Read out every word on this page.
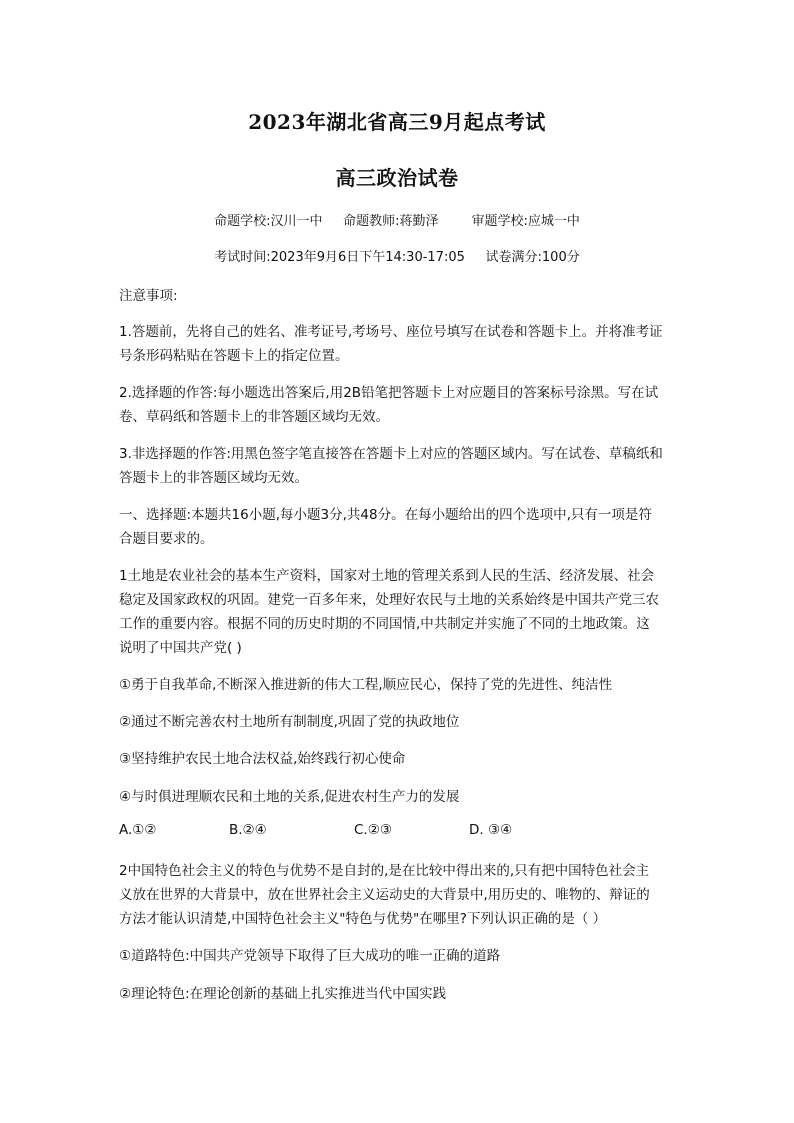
2023年湖北省高三9月起点考试
高三政治试卷
命题学校:汉川一中     命题教师:蒋勤泽        审题学校:应城一中
考试时间:2023年9月6日下午14:30-17:05     试卷满分:100分
注意事项:
1.答题前，先将自己的姓名、准考证号,考场号、座位号填写在试卷和答题卡上。并将准考证
号条形码粘贴在答题卡上的指定位置。
2.选择题的作答:每小题选出答案后,用2B铅笔把答题卡上对应题目的答案标号涂黑。写在试
卷、草码纸和答题卡上的非答题区域均无效。
3.非选择题的作答:用黑色签字笔直接答在答题卡上对应的答题区域内。写在试卷、草稿纸和
答题卡上的非答题区域均无效。
一、选择题:本题共16小题,每小题3分,共48分。在每小题给出的四个选项中,只有一项是符
合题目要求的。
1土地是农业社会的基本生产资料，国家对土地的管理关系到人民的生活、经济发展、社会
稳定及国家政权的巩固。建党一百多年来，处理好农民与土地的关系始终是中国共产党三农
工作的重要内容。根据不同的历史时期的不同国情,中共制定并实施了不同的土地政策。这
说明了中国共产党( )
①勇于自我革命,不断深入推进新的伟大工程,顺应民心，保持了党的先进性、纯洁性
②通过不断完善农村土地所有制制度,巩固了党的执政地位
③坚持维护农民土地合法权益,始终践行初心使命
④与时俱进理顺农民和土地的关系,促进农村生产力的发展
A.①②	B.②④	C.②③	D. ③④
2中国特色社会主义的特色与优势不是自封的,是在比较中得出来的,只有把中国特色社会主
义放在世界的大背景中，放在世界社会主义运动史的大背景中,用历史的、唯物的、辩证的
方法才能认识清楚,中国特色社会主义"特色与优势"在哪里?下列认识正确的是（ ）
①道路特色:中国共产党领导下取得了巨大成功的唯一正确的道路
②理论特色:在理论创新的基础上扎实推进当代中国实践
